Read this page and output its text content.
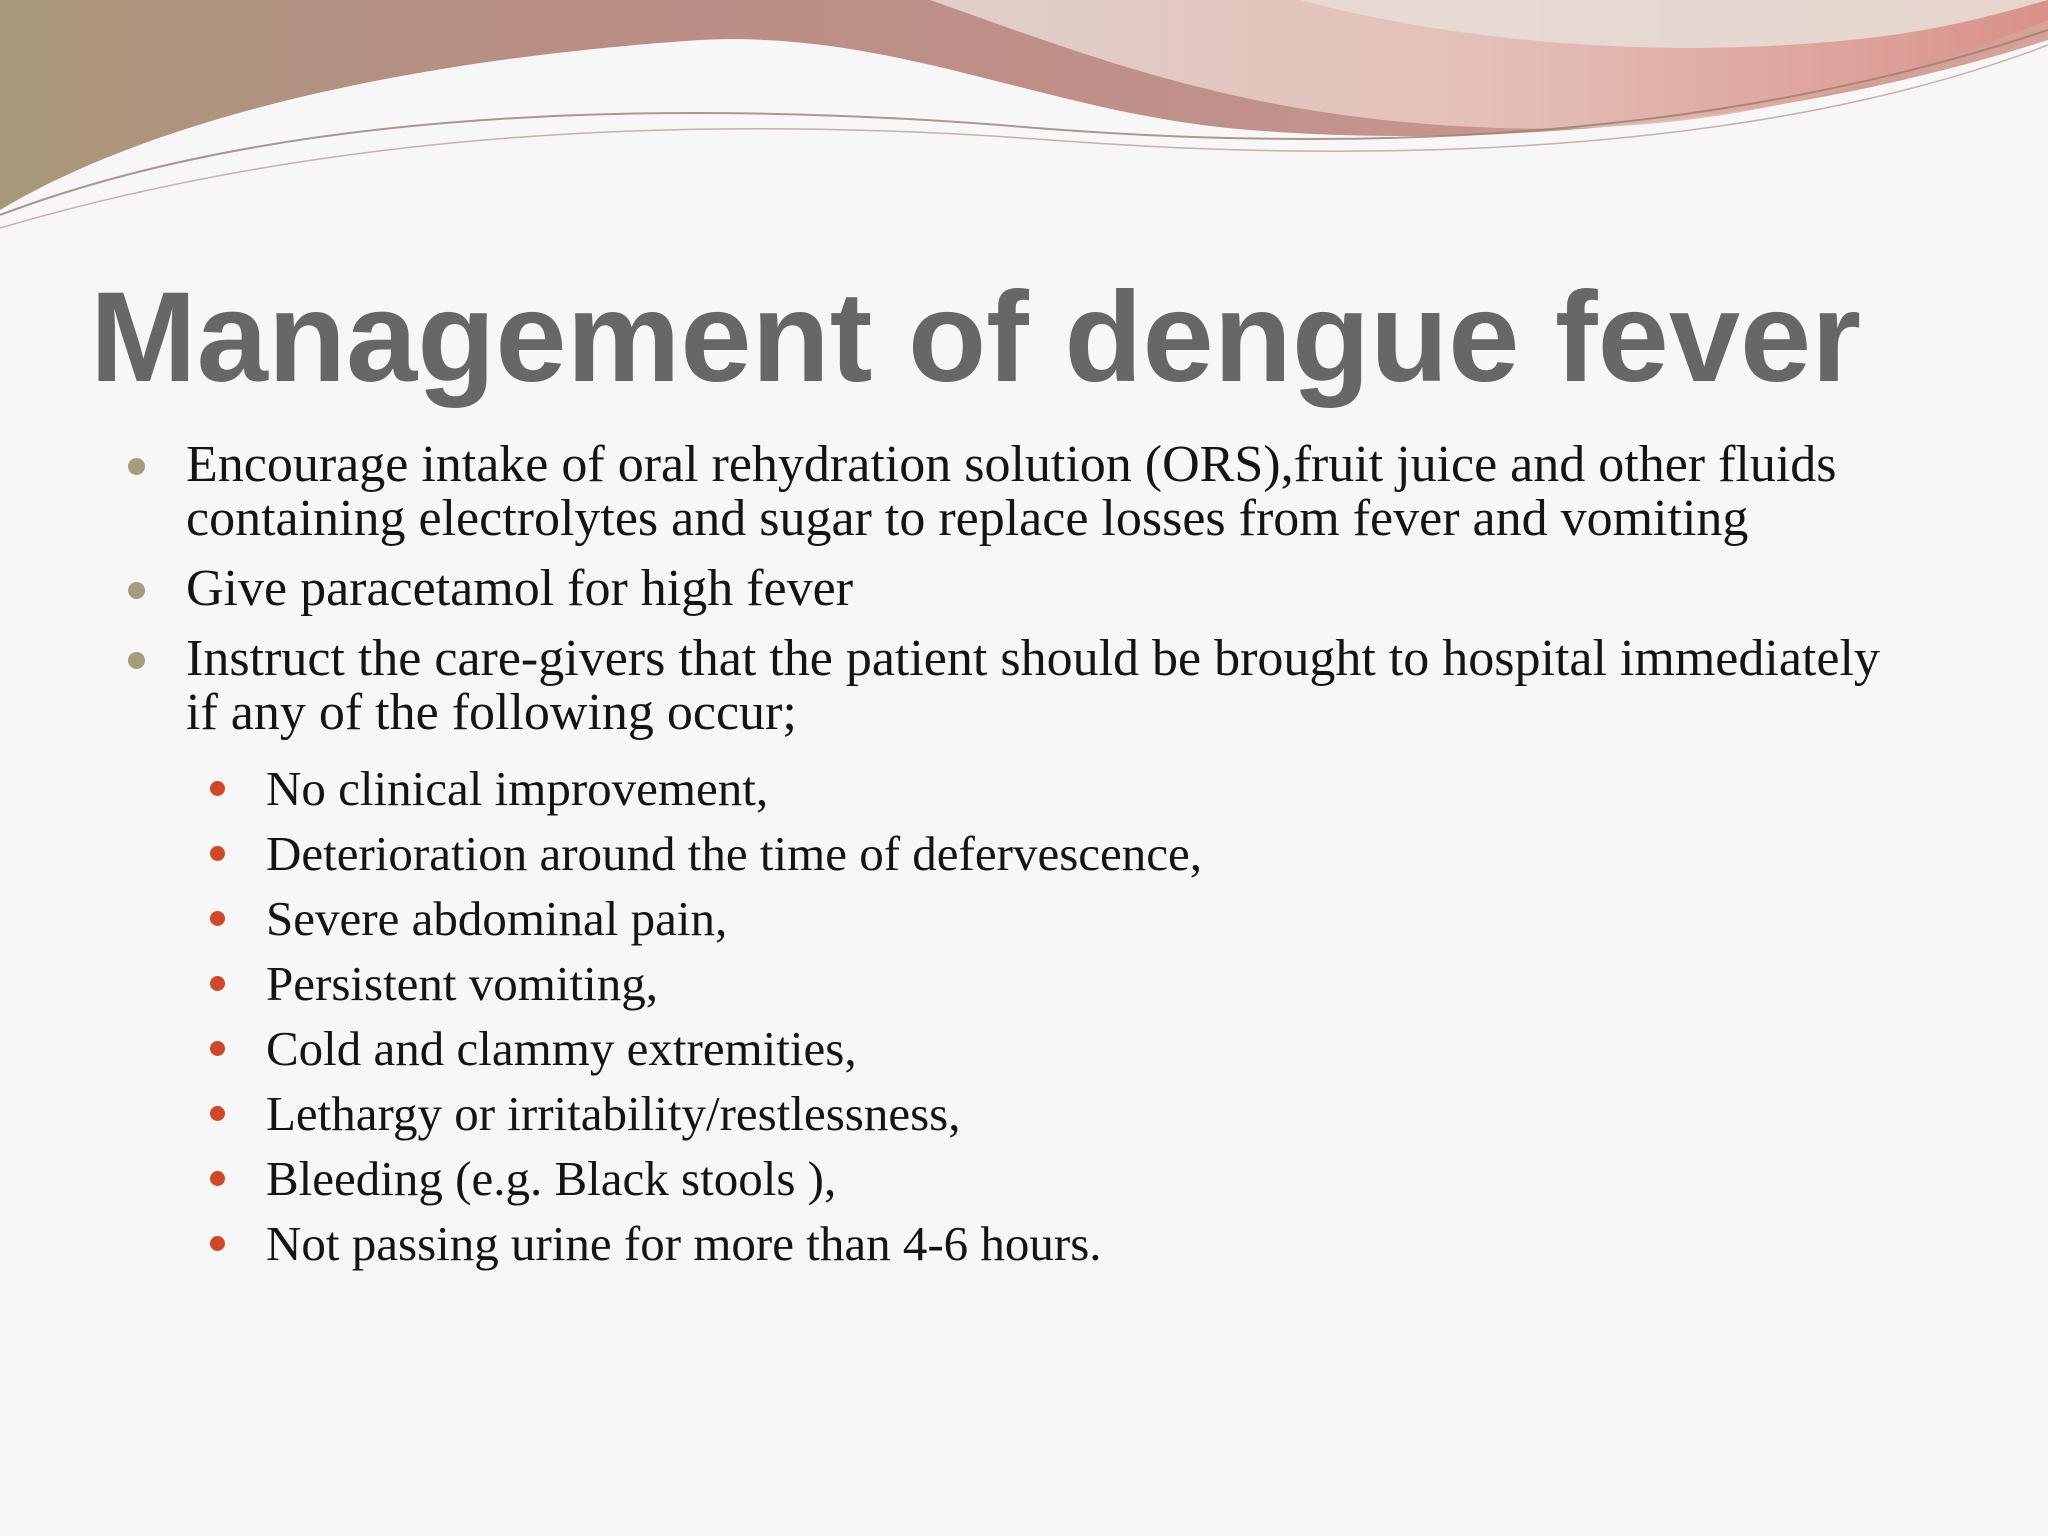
Management of dengue fever
Encourage intake of oral rehydration solution (ORS),fruit juice and other fluids containing electrolytes and sugar to replace losses from fever and vomiting
Give paracetamol for high fever
Instruct the care-givers that the patient should be brought to hospital immediately if any of the following occur;
No clinical improvement,
Deterioration around the time of defervescence,
Severe abdominal pain,
Persistent vomiting,
Cold and clammy extremities,
Lethargy or irritability/restlessness,
Bleeding (e.g. Black stools ),
Not passing urine for more than 4-6 hours.
